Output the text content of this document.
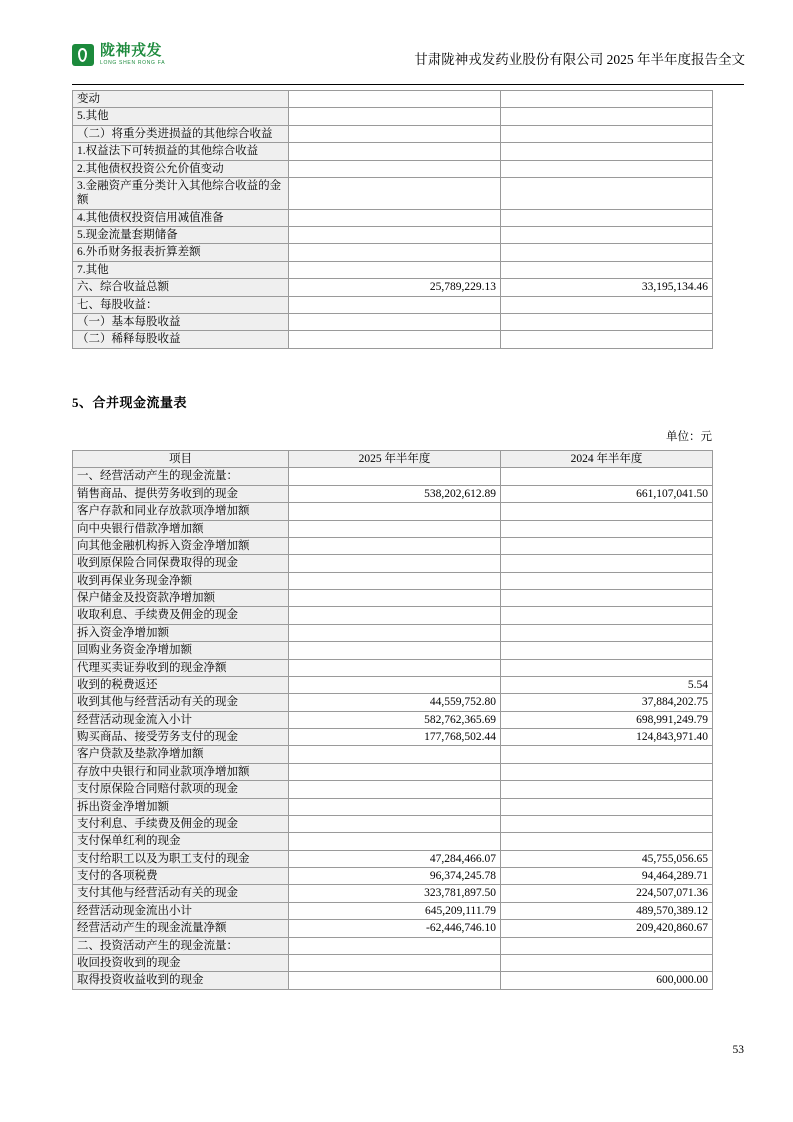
陇神戎发
LONG SHEN RONG FA	甘肃陇神戎发药业股份有限公司 2025 年半年度报告全文
变动		
5.其他		
（二）将重分类进损益的其他综合收益		
1.权益法下可转损益的其他综合收益		
2.其他债权投资公允价值变动		
3.金融资产重分类计入其他综合收益的金额		
4.其他债权投资信用减值准备		
5.现金流量套期储备		
6.外币财务报表折算差额		
7.其他		
六、综合收益总额	25,789,229.13	33,195,134.46
七、每股收益：		
（一）基本每股收益		
（二）稀释每股收益		
5、合并现金流量表
单位：元
项目	2025 年半年度	2024 年半年度
一、经营活动产生的现金流量：		
销售商品、提供劳务收到的现金	538,202,612.89	661,107,041.50
客户存款和同业存放款项净增加额		
向中央银行借款净增加额		
向其他金融机构拆入资金净增加额		
收到原保险合同保费取得的现金		
收到再保业务现金净额		
保户储金及投资款净增加额		
收取利息、手续费及佣金的现金		
拆入资金净增加额		
回购业务资金净增加额		
代理买卖证券收到的现金净额		
收到的税费返还		5.54
收到其他与经营活动有关的现金	44,559,752.80	37,884,202.75
经营活动现金流入小计	582,762,365.69	698,991,249.79
购买商品、接受劳务支付的现金	177,768,502.44	124,843,971.40
客户贷款及垫款净增加额		
存放中央银行和同业款项净增加额		
支付原保险合同赔付款项的现金		
拆出资金净增加额		
支付利息、手续费及佣金的现金		
支付保单红利的现金		
支付给职工以及为职工支付的现金	47,284,466.07	45,755,056.65
支付的各项税费	96,374,245.78	94,464,289.71
支付其他与经营活动有关的现金	323,781,897.50	224,507,071.36
经营活动现金流出小计	645,209,111.79	489,570,389.12
经营活动产生的现金流量净额	-62,446,746.10	209,420,860.67
二、投资活动产生的现金流量：		
收回投资收到的现金		
取得投资收益收到的现金		600,000.00
53
